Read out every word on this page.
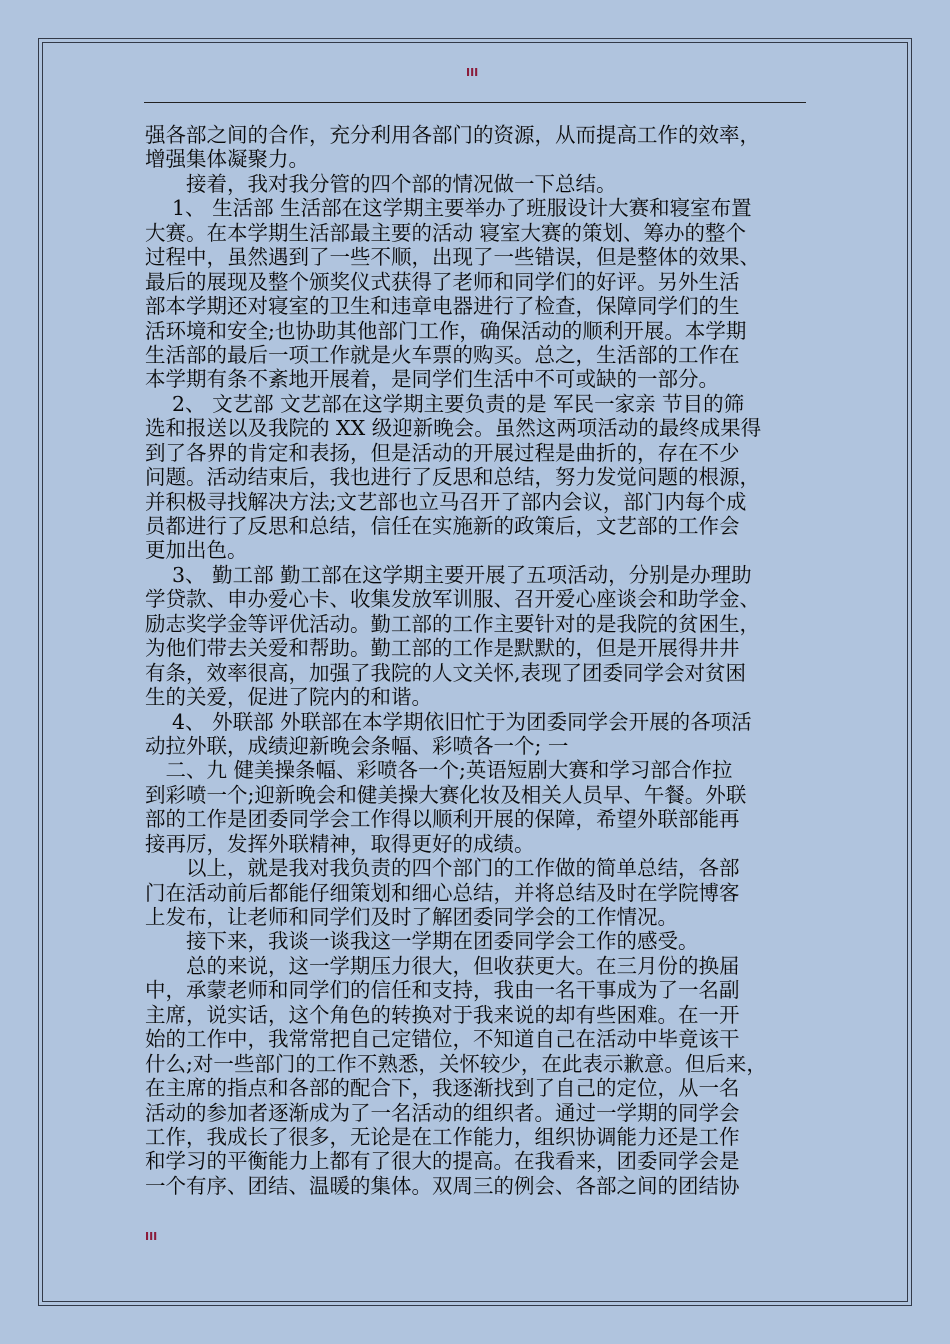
III
强各部之间的合作，充分利用各部门的资源，从而提高工作的效率，
增强集体凝聚力。
　　接着，我对我分管的四个部的情况做一下总结。
　 1、 生活部 生活部在这学期主要举办了班服设计大赛和寝室布置
大赛。在本学期生活部最主要的活动 寝室大赛的策划、筹办的整个
过程中，虽然遇到了一些不顺，出现了一些错误，但是整体的效果、
最后的展现及整个颁奖仪式获得了老师和同学们的好评。另外生活
部本学期还对寝室的卫生和违章电器进行了检查，保障同学们的生
活环境和安全;也协助其他部门工作，确保活动的顺利开展。本学期
生活部的最后一项工作就是火车票的购买。总之，生活部的工作在
本学期有条不紊地开展着，是同学们生活中不可或缺的一部分。
　 2、 文艺部 文艺部在这学期主要负责的是 军民一家亲 节目的筛
选和报送以及我院的 XX 级迎新晚会。虽然这两项活动的最终成果得
到了各界的肯定和表扬，但是活动的开展过程是曲折的，存在不少
问题。活动结束后，我也进行了反思和总结，努力发觉问题的根源，
并积极寻找解决方法;文艺部也立马召开了部内会议，部门内每个成
员都进行了反思和总结，信任在实施新的政策后，文艺部的工作会
更加出色。
　 3、 勤工部 勤工部在这学期主要开展了五项活动，分别是办理助
学贷款、申办爱心卡、收集发放军训服、召开爱心座谈会和助学金、
励志奖学金等评优活动。勤工部的工作主要针对的是我院的贫困生，
为他们带去关爱和帮助。勤工部的工作是默默的，但是开展得井井
有条，效率很高，加强了我院的人文关怀,表现了团委同学会对贫困
生的关爱，促进了院内的和谐。
　 4、 外联部 外联部在本学期依旧忙于为团委同学会开展的各项活
动拉外联，成绩迎新晚会条幅、彩喷各一个; 一
　二、九 健美操条幅、彩喷各一个;英语短剧大赛和学习部合作拉
到彩喷一个;迎新晚会和健美操大赛化妆及相关人员早、午餐。外联
部的工作是团委同学会工作得以顺利开展的保障，希望外联部能再
接再厉，发挥外联精神，取得更好的成绩。
　　以上，就是我对我负责的四个部门的工作做的简单总结，各部
门在活动前后都能仔细策划和细心总结，并将总结及时在学院博客
上发布，让老师和同学们及时了解团委同学会的工作情况。
　　接下来，我谈一谈我这一学期在团委同学会工作的感受。
　　总的来说，这一学期压力很大，但收获更大。在三月份的换届
中，承蒙老师和同学们的信任和支持，我由一名干事成为了一名副
主席，说实话，这个角色的转换对于我来说的却有些困难。在一开
始的工作中，我常常把自己定错位，不知道自己在活动中毕竟该干
什么;对一些部门的工作不熟悉，关怀较少，在此表示歉意。但后来，
在主席的指点和各部的配合下，我逐渐找到了自己的定位，从一名
活动的参加者逐渐成为了一名活动的组织者。通过一学期的同学会
工作，我成长了很多，无论是在工作能力，组织协调能力还是工作
和学习的平衡能力上都有了很大的提高。在我看来，团委同学会是
一个有序、团结、温暖的集体。双周三的例会、各部之间的团结协
III
